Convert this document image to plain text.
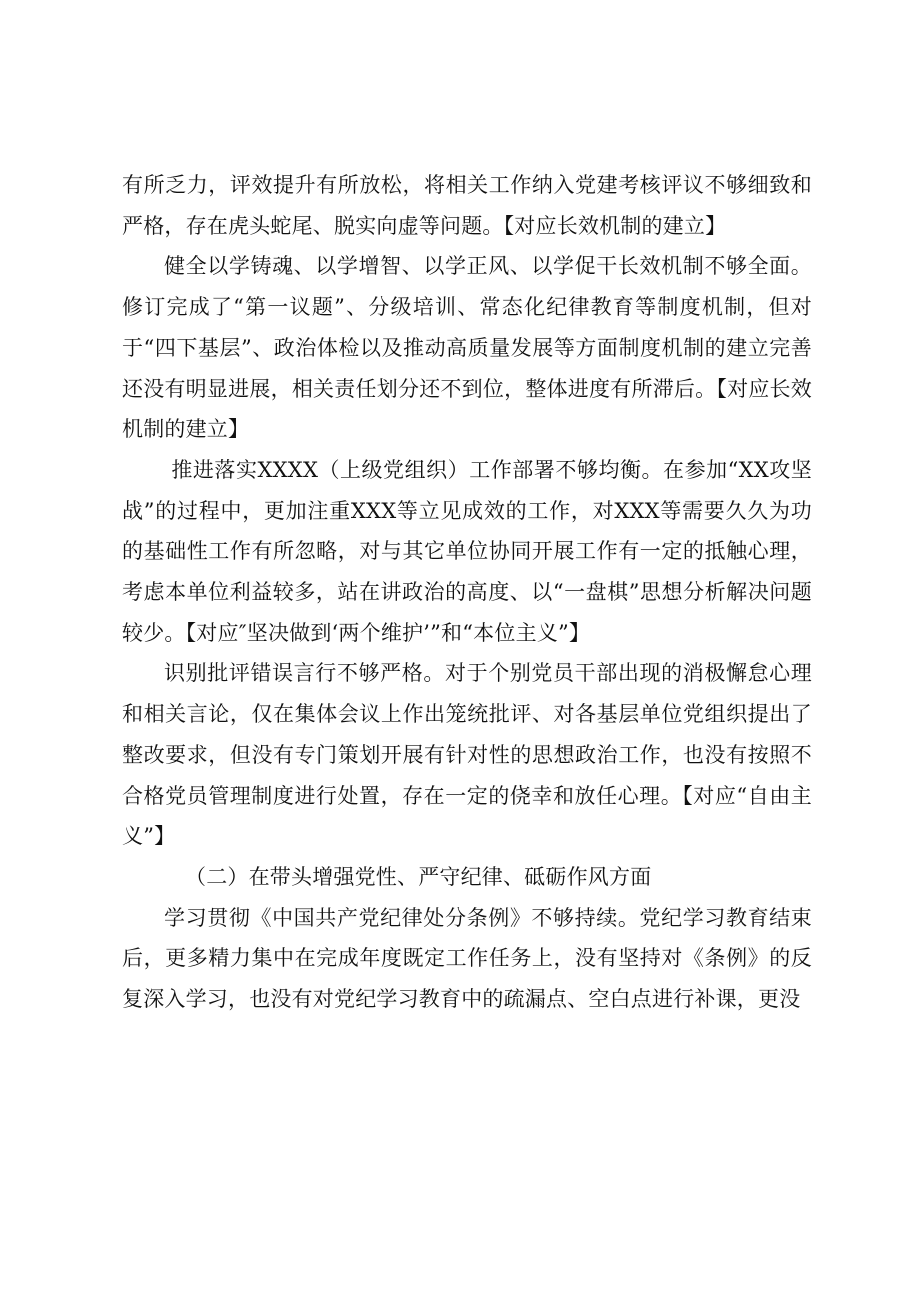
有所乏力，评效提升有所放松，将相关工作纳入党建考核评议不够细致和严格，存在虎头蛇尾、脱实向虚等问题。【对应长效机制的建立】

健全以学铸魂、以学增智、以学正风、以学促干长效机制不够全面。修订完成了“第一议题”、分级培训、常态化纪律教育等制度机制，但对于“四下基层”、政治体检以及推动高质量发展等方面制度机制的建立完善还没有明显进展，相关责任划分还不到位，整体进度有所滞后。【对应长效机制的建立】

推进落实XXXX（上级党组织）工作部署不够均衡。在参加“XX攻坚战”的过程中，更加注重XXX等立见成效的工作，对XXX等需要久久为功的基础性工作有所忽略，对与其它单位协同开展工作有一定的抵触心理，考虑本单位利益较多，站在讲政治的高度、以“一盘棋”思想分析解决问题较少。【对应″坚决做到‘两个维护’”和“本位主义”】

识别批评错误言行不够严格。对于个别党员干部出现的消极懈怠心理和相关言论，仅在集体会议上作出笼统批评、对各基层单位党组织提出了整改要求，但没有专门策划开展有针对性的思想政治工作，也没有按照不合格党员管理制度进行处置，存在一定的侥幸和放任心理。【对应“自由主义”】

（二）在带头增强党性、严守纪律、砥砺作风方面

学习贯彻《中国共产党纪律处分条例》不够持续。党纪学习教育结束后，更多精力集中在完成年度既定工作任务上，没有坚持对《条例》的反复深入学习，也没有对党纪学习教育中的疏漏点、空白点进行补课，更没
